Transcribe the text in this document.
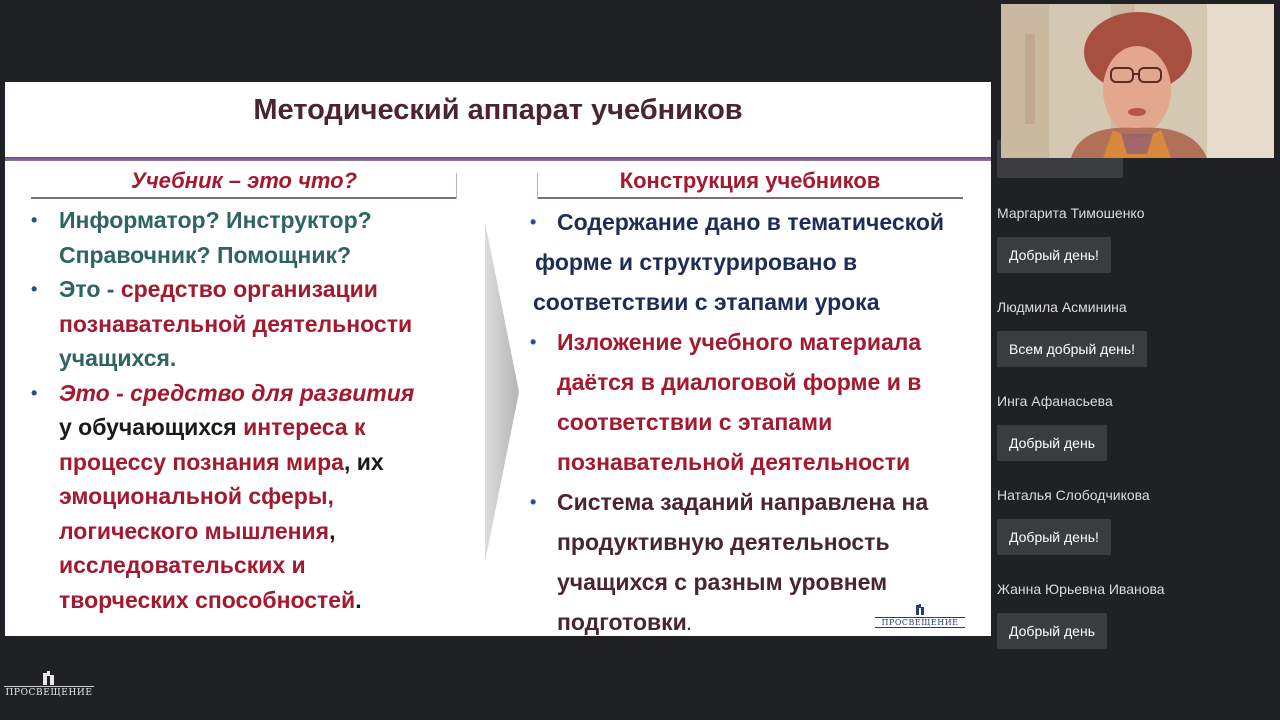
Методический аппарат учебников
Учебник – это что?	Конструкция учебников
• Информатор? Инструктор?
Справочник? Помощник?
• Это - средство организации
познавательной деятельности
учащихся.
• Это - средство для развития
у обучающихся интереса к
процессу познания мира, их
эмоциональной сферы,
логического мышления,
исследовательских и
творческих способностей.
• Содержание дано в тематической
форме и структурировано в
соответствии с этапами урока
• Изложение учебного материала
даётся в диалоговой форме и в
соответствии с этапами
познавательной деятельности
• Система заданий направлена на
продуктивную деятельность
учащихся с разным уровнем
подготовки.	ПРОСВЕЩЕНИЕ
ПРОСВЕЩЕНИЕ
Маргарита Тимошенко
Добрый день!
Людмила Асминина
Всем добрый день!
Инга Афанасьева
Добрый день
Наталья Слободчикова
Добрый день!
Жанна Юрьевна Иванова
Добрый день
